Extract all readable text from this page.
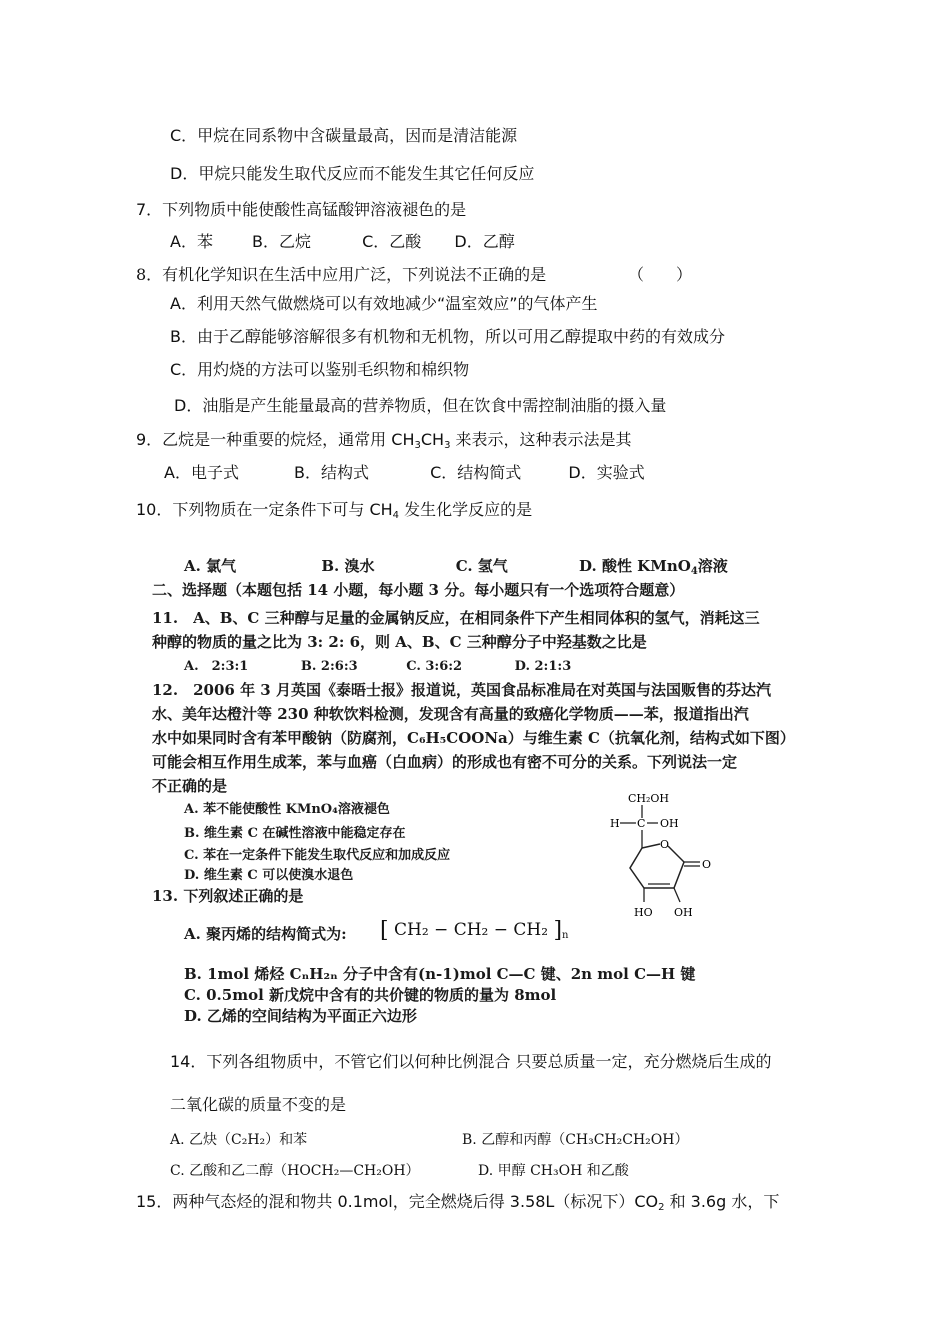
C．甲烷在同系物中含碳量最高，因而是清洁能源
D．甲烷只能发生取代反应而不能发生其它任何反应
7．下列物质中能使酸性高锰酸钾溶液褪色的是
A．苯 B．乙烷	C．乙酸 D．乙醇
8．有机化学知识在生活中应用广泛，下列说法不正确的是	（　　）
A．利用天然气做燃烧可以有效地减少“温室效应”的气体产生
B．由于乙醇能够溶解很多有机物和无机物，所以可用乙醇提取中药的有效成分
C．用灼烧的方法可以鉴别毛织物和棉织物
D．油脂是产生能量最高的营养物质，但在饮食中需控制油脂的摄入量
9．乙烷是一种重要的烷烃，通常用 $CH_3CH_3$ 来表示，这种表示法是其
A．电子式	B．结构式	C．结构简式	D．实验式
10．下列物质在一定条件下可与 $CH_4$ 发生化学反应的是
A. 氯气	B. 溴水	C. 氢气	D. 酸性 KMnO$_4$溶液
二、选择题（本题包括 14 小题，每小题 3 分。每小题只有一个选项符合题意）
11.　A、B、C 三种醇与足量的金属钠反应，在相同条件下产生相同体积的氢气，消耗这三
种醇的物质的量之比为 3: 2: 6，则 A、B、C 三种醇分子中羟基数之比是
A.　2:3:1	B. 2:6:3	C. 3:6:2	D. 2:1:3
12.　2006 年 3 月英国《泰晤士报》报道说，英国食品标准局在对英国与法国贩售的芬达汽
水、美年达橙汁等 230 种软饮料检测，发现含有高量的致癌化学物质——苯，报道指出汽
水中如果同时含有苯甲酸钠（防腐剂，C₆H₅COONa）与维生素 C（抗氧化剂，结构式如下图）
可能会相互作用生成苯，苯与血癌（白血病）的形成也有密不可分的关系。下列说法一定
不正确的是
A. 苯不能使酸性 KMnO₄溶液褪色
B. 维生素 C 在碱性溶液中能稳定存在
C. 苯在一定条件下能发生取代反应和加成反应
D. 维生素 C 可以使溴水退色
CH₂OH
H C OH
O
O
HO OH
13. 下列叙述正确的是
A. 聚丙烯的结构简式为: [ CH₂ − CH₂ − CH₂ ]$_n$
B. 1mol 烯烃 CₙH₂ₙ 分子中含有(n-1)mol C—C 键、2n mol C—H 键
C. 0.5mol 新戊烷中含有的共价键的物质的量为 8mol
D. 乙烯的空间结构为平面正六边形
14．下列各组物质中，不管它们以何种比例混合 只要总质量一定，充分燃烧后生成的
二氧化碳的质量不变的是
A. 乙炔（C₂H₂）和苯	B. 乙醇和丙醇（CH₃CH₂CH₂OH）
C. 乙酸和乙二醇（HOCH₂—CH₂OH）	D. 甲醇 CH₃OH 和乙酸
15．两种气态烃的混和物共 0.1mol，完全燃烧后得 3.58L（标况下）$CO_2$ 和 3.6g 水，下
